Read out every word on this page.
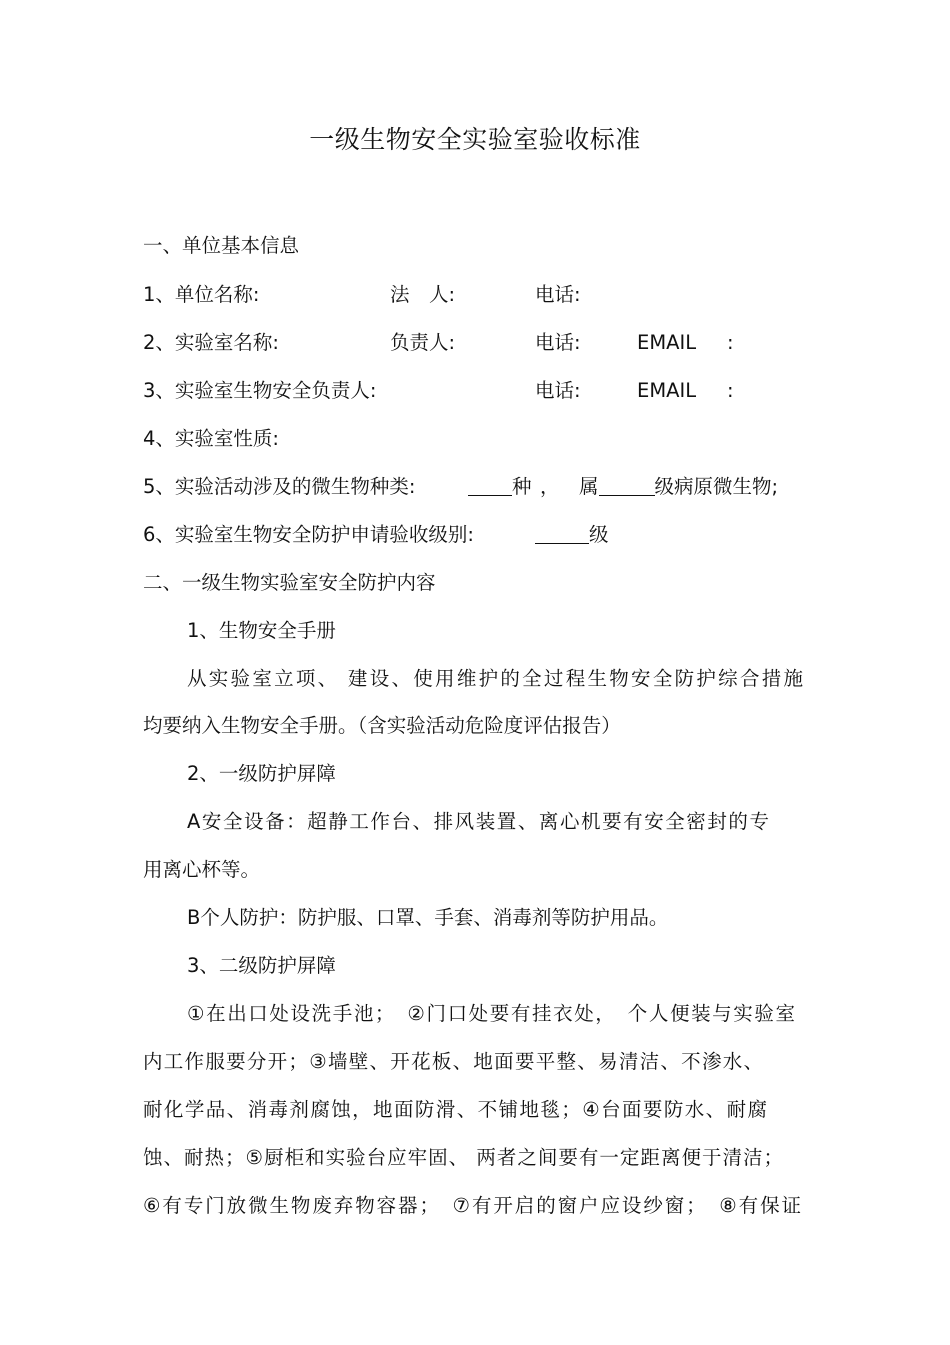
一级生物安全实验室验收标准
一、单位基本信息
1、单位名称:	法　人:	电话:
2、实验室名称:	负责人:	电话:	EMAIL :
3、实验室生物安全负责人:	电话:	EMAIL :
4、实验室性质:
5、实验活动涉及的微生物种类:	种 ， 属	级病原微生物;
6、实验室生物安全防护申请验收级别:	级
二、一级生物实验室安全防护内容
1、生物安全手册
从实验室立项、 建设、使用维护的全过程生物安全防护综合措施
均要纳入生物安全手册。（含实验活动危险度评估报告）
2、一级防护屏障
A安全设备：超静工作台、排风装置、离心机要有安全密封的专
用离心杯等。
B个人防护：防护服、口罩、手套、消毒剂等防护用品。
3、二级防护屏障
①在出口处设洗手池；　②门口处要有挂衣处，　个人便装与实验室
内工作服要分开；③墙壁、开花板、地面要平整、易清洁、不渗水、
耐化学品、消毒剂腐蚀，地面防滑、不铺地毯；④台面要防水、耐腐
蚀、耐热；⑤厨柜和实验台应牢固、 两者之间要有一定距离便于清洁；
⑥有专门放微生物废弃物容器；　⑦有开启的窗户应设纱窗；　⑧有保证
